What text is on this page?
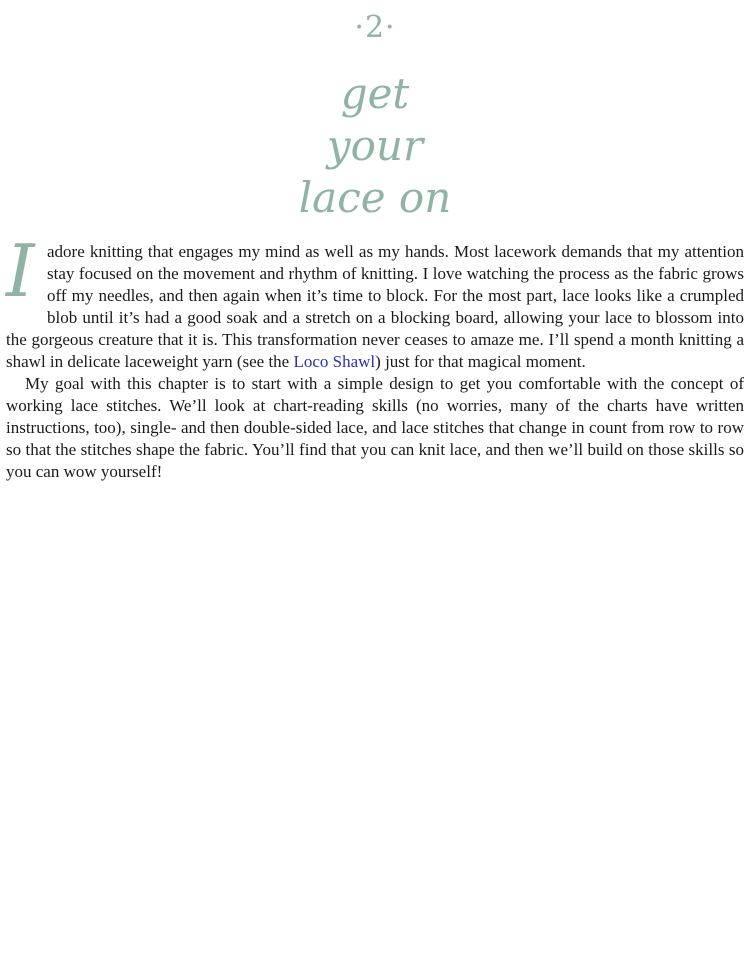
·2·
get
your
lace on

Iadore knitting that engages my mind as well as my hands. Most lacework demands that my attention stay focused on the movement and rhythm of knitting. I love watching the process as the fabric grows off my needles, and then again when it’s time to block. For the most part, lace looks like a crumpled blob until it’s had a good soak and a stretch on a blocking board, allowing your lace to blossom into the gorgeous creature that it is. This transformation never ceases to amaze me. I’ll spend a month knitting a shawl in delicate laceweight yarn (see the Loco Shawl) just for that magical moment.

My goal with this chapter is to start with a simple design to get you comfortable with the concept of working lace stitches. We’ll look at chart-reading skills (no worries, many of the charts have written instructions, too), single- and then double-sided lace, and lace stitches that change in count from row to row so that the stitches shape the fabric. You’ll find that you can knit lace, and then we’ll build on those skills so you can wow yourself!
